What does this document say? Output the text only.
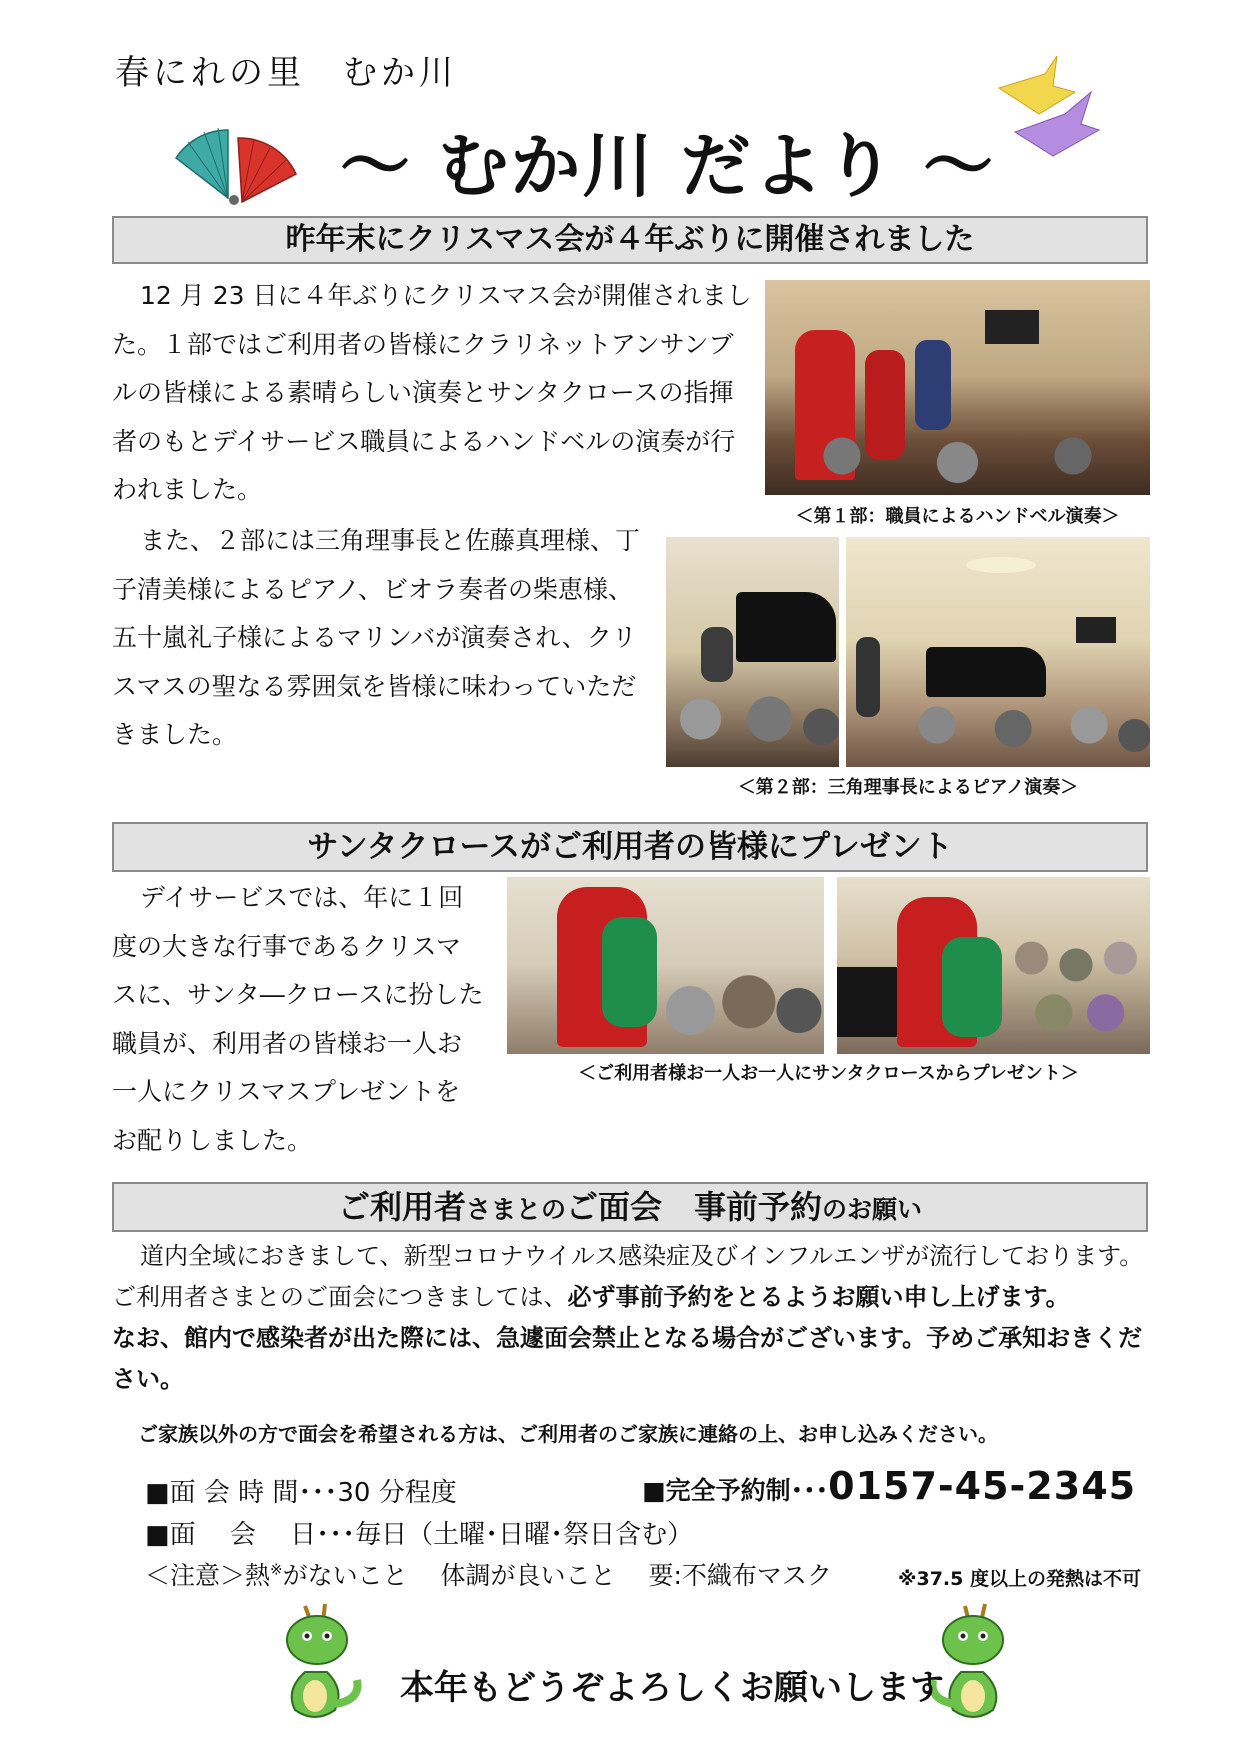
春にれの里　むか川
～ むか川 だより ～
昨年末にクリスマス会が４年ぶりに開催されました

12 月 23 日に４年ぶりにクリスマス会が開催されました。１部ではご利用者の皆様にクラリネットアンサンブルの皆様による素晴らしい演奏とサンタクロースの指揮者のもとデイサービス職員によるハンドベルの演奏が行われました。

また、２部には三角理事長と佐藤真理様、丁子清美様によるピアノ、ビオラ奏者の柴恵様、五十嵐礼子様によるマリンバが演奏され、クリスマスの聖なる雰囲気を皆様に味わっていただきました。

＜第１部：職員によるハンドベル演奏＞
＜第２部：三角理事長によるピアノ演奏＞
サンタクロースがご利用者の皆様にプレゼント

デイサービスでは、年に１回度の大きな行事であるクリスマスに、サンタ―クロースに扮した職員が、利用者の皆様お一人お一人にクリスマスプレゼントをお配りしました。

＜ご利用者様お一人お一人にサンタクロースからプレゼント＞
ご利用者さまとのご面会　事前予約のお願い
道内全域におきまして、新型コロナウイルス感染症及びインフルエンザが流行しております。
ご利用者さまとのご面会につきましては、必ず事前予約をとるようお願い申し上げます。
なお、館内で感染者が出た際には、急遽面会禁止となる場合がございます。予めご承知おきください。
ご家族以外の方で面会を希望される方は、ご利用者のご家族に連絡の上、お申し込みください。
■面 会 時 間･･･30 分程度	■完全予約制･･･0157-45-2345
■面　 会　 日･･･毎日（土曜･日曜･祭日含む）
＜注意＞熱※がないこと　 体調が良いこと　 要:不織布マスク	※37.5 度以上の発熱は不可
本年もどうぞよろしくお願いします
